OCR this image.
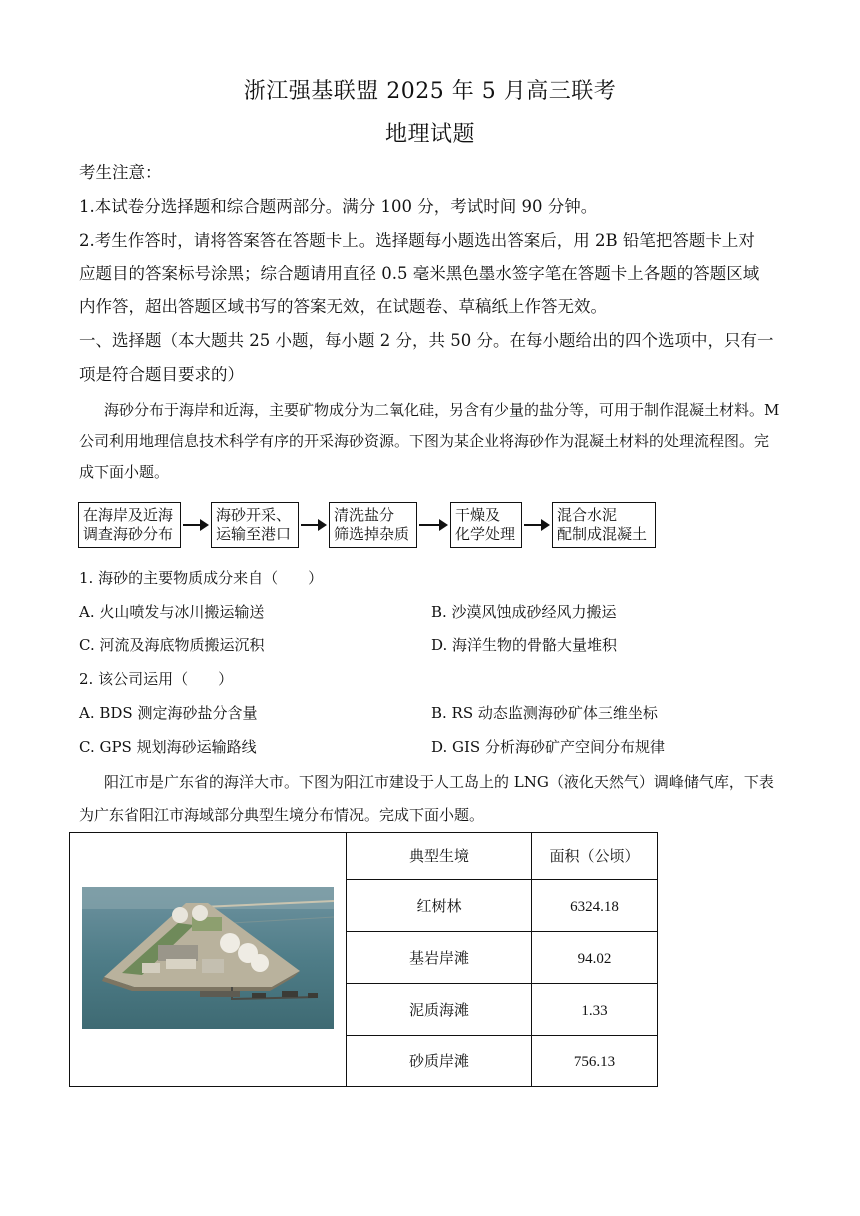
浙江强基联盟 2025 年 5 月高三联考
地理试题
考生注意：
1.本试卷分选择题和综合题两部分。满分 100 分，考试时间 90 分钟。
2.考生作答时，请将答案答在答题卡上。选择题每小题选出答案后，用 2B 铅笔把答题卡上对
应题目的答案标号涂黑；综合题请用直径 0.5 毫米黑色墨水签字笔在答题卡上各题的答题区域
内作答，超出答题区域书写的答案无效，在试题卷、草稿纸上作答无效。
一、选择题（本大题共 25 小题，每小题 2 分，共 50 分。在每小题给出的四个选项中，只有一
项是符合题目要求的）
海砂分布于海岸和近海，主要矿物成分为二氧化硅，另含有少量的盐分等，可用于制作混凝土材料。M
公司利用地理信息技术科学有序的开采海砂资源。下图为某企业将海砂作为混凝土材料的处理流程图。完
成下面小题。
在海岸及近海
调查海砂分布
海砂开采、
运输至港口
清洗盐分
筛选掉杂质
干燥及
化学处理
混合水泥
配制成混凝土
1. 海砂的主要物质成分来自（　　）
A. 火山喷发与冰川搬运输送	B. 沙漠风蚀成砂经风力搬运
C. 河流及海底物质搬运沉积	D. 海洋生物的骨骼大量堆积
2. 该公司运用（　　）
A. BDS 测定海砂盐分含量	B. RS 动态监测海砂矿体三维坐标
C. GPS 规划海砂运输路线	D. GIS 分析海砂矿产空间分布规律
阳江市是广东省的海洋大市。下图为阳江市建设于人工岛上的 LNG（液化天然气）调峰储气库，下表
为广东省阳江市海域部分典型生境分布情况。完成下面小题。
典型生境	面积（公顷）
红树林	6324.18
基岩岸滩	94.02
泥质海滩	1.33
砂质岸滩	756.13
